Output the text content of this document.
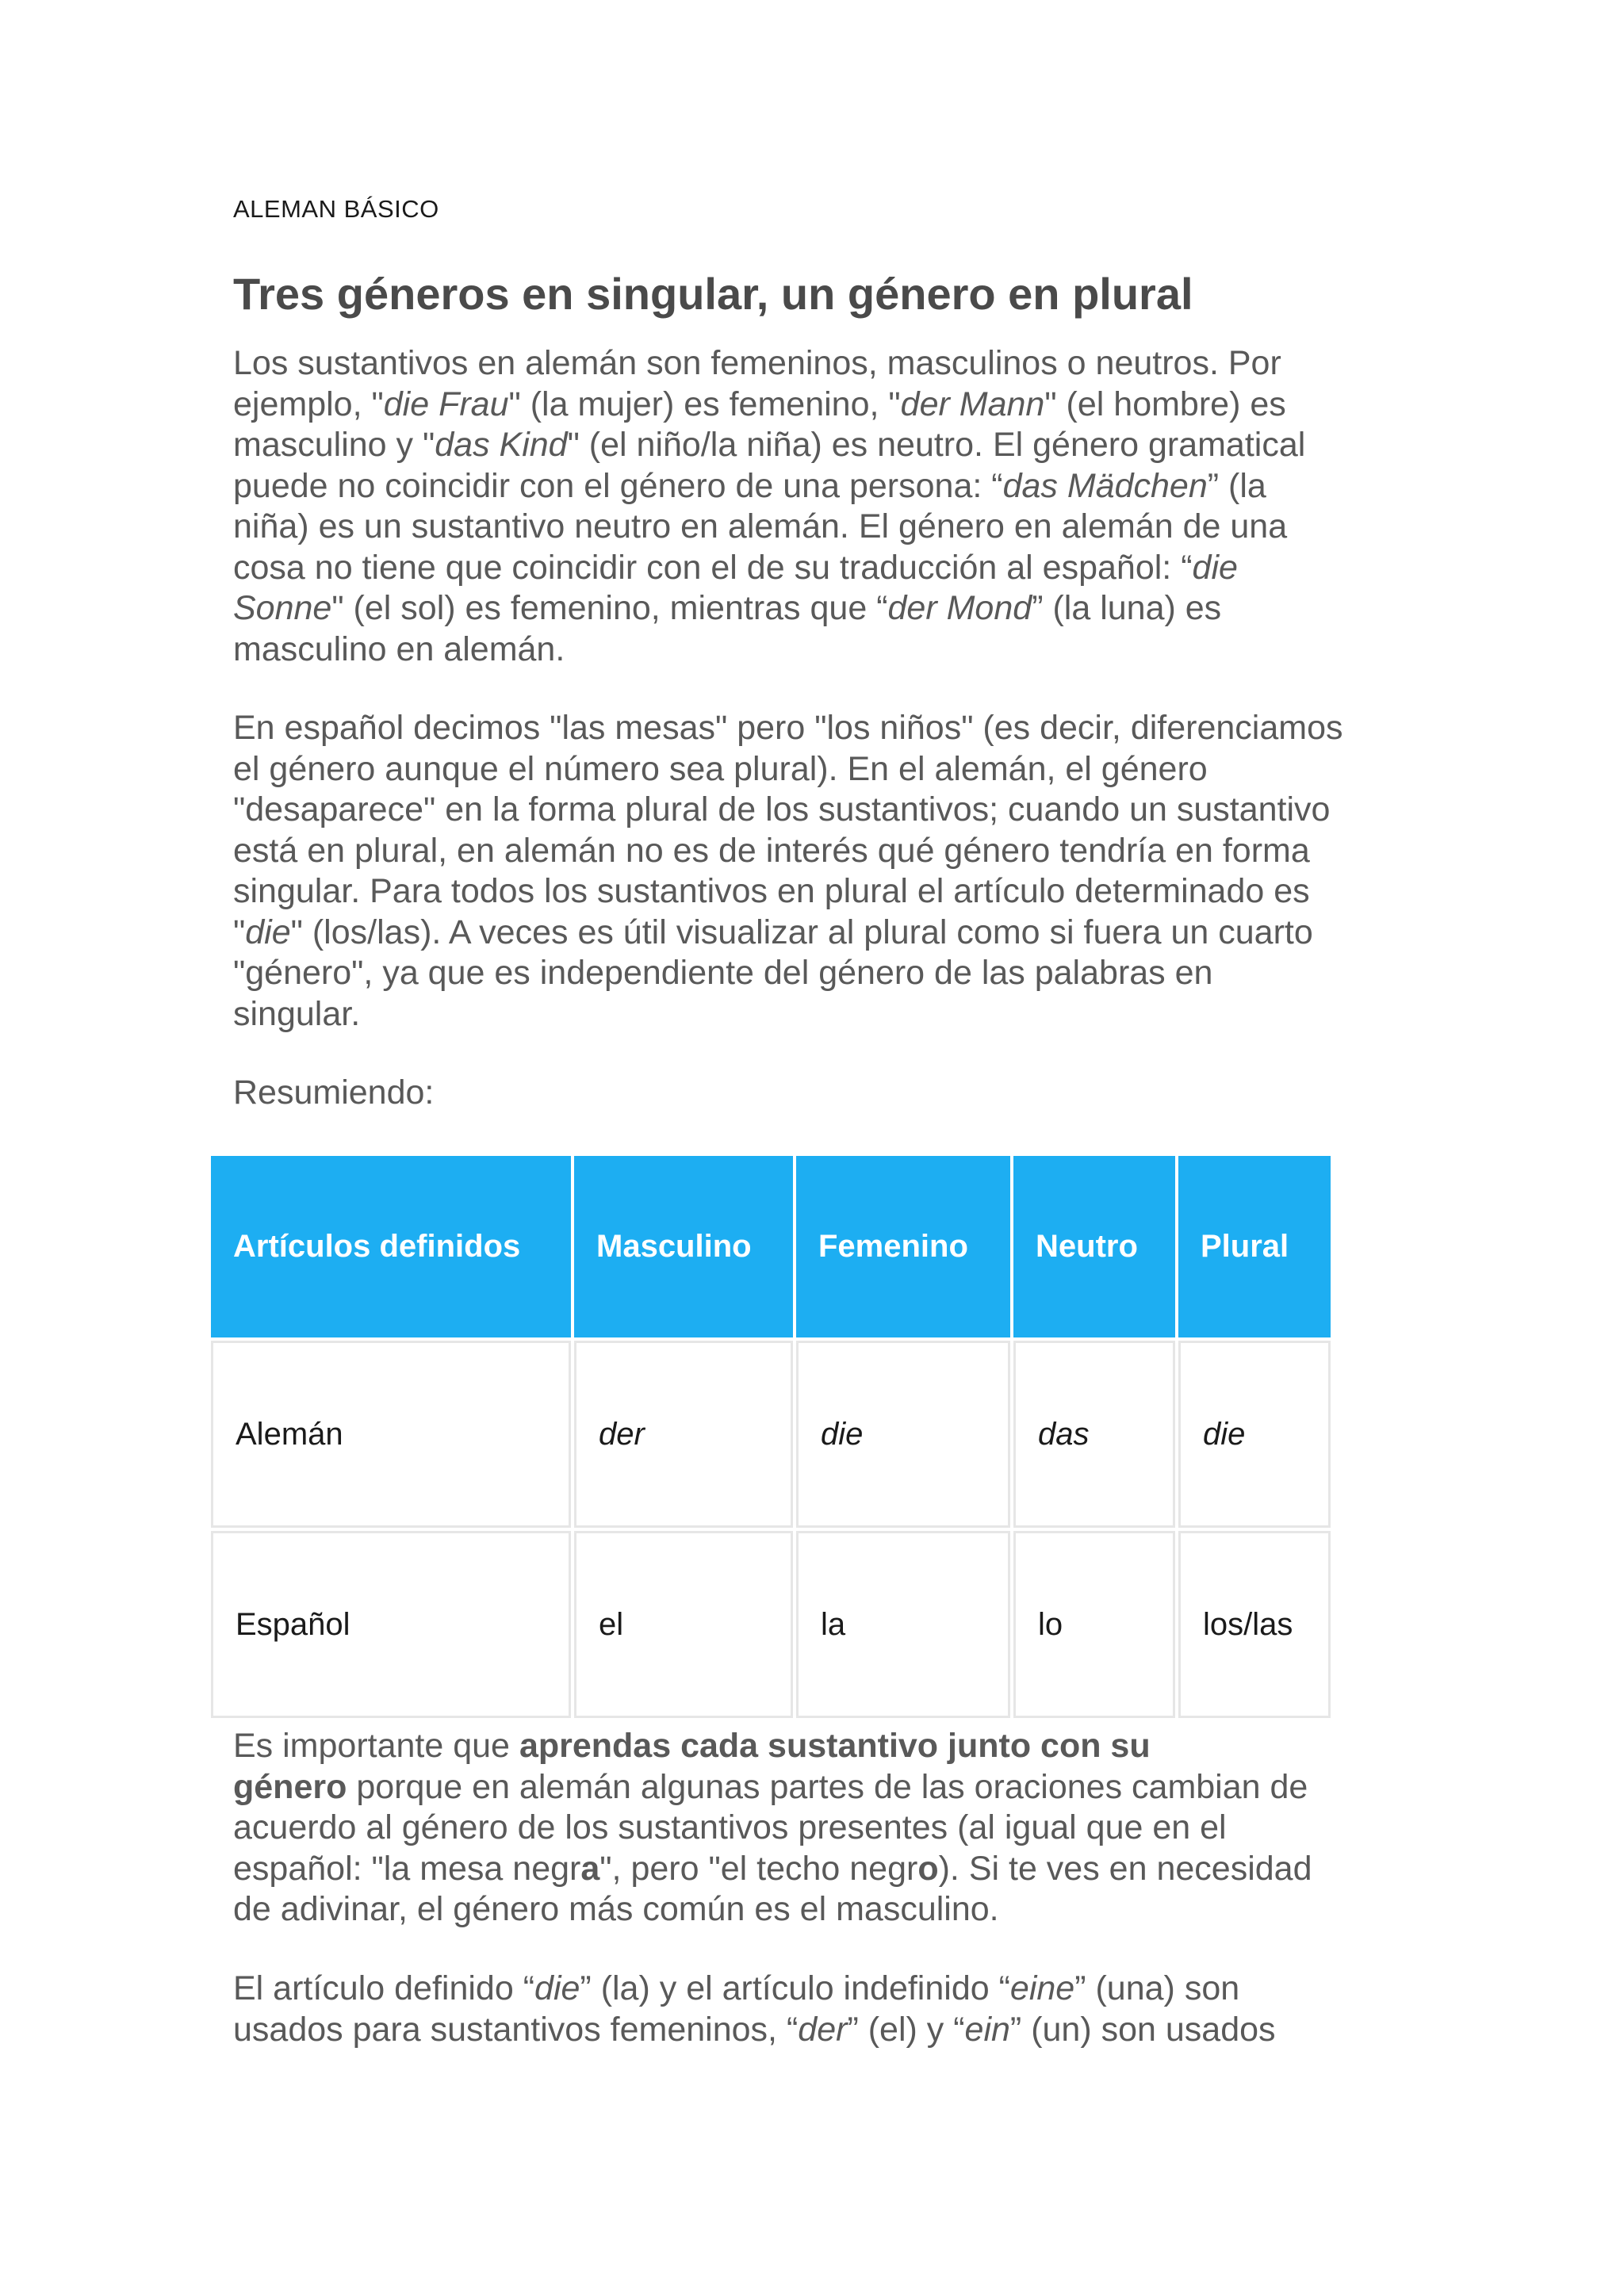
ALEMAN BÁSICO
Tres géneros en singular, un género en plural

Los sustantivos en alemán son femeninos, masculinos o neutros. Por
ejemplo, "die Frau" (la mujer) es femenino, "der Mann" (el hombre) es
masculino y "das Kind" (el niño/la niña) es neutro. El género gramatical
puede no coincidir con el género de una persona: “das Mädchen” (la
niña) es un sustantivo neutro en alemán. El género en alemán de una
cosa no tiene que coincidir con el de su traducción al español: “die
Sonne" (el sol) es femenino, mientras que “der Mond” (la luna) es
masculino en alemán.

En español decimos "las mesas" pero "los niños" (es decir, diferenciamos
el género aunque el número sea plural). En el alemán, el género
"desaparece" en la forma plural de los sustantivos; cuando un sustantivo
está en plural, en alemán no es de interés qué género tendría en forma
singular. Para todos los sustantivos en plural el artículo determinado es
"die" (los/las). A veces es útil visualizar al plural como si fuera un cuarto
"género", ya que es independiente del género de las palabras en
singular.

Resumiendo:

Artículos definidos	Masculino	Femenino	Neutro	Plural
Alemán	der	die	das	die
Español	el	la	lo	los/las

Es importante que aprendas cada sustantivo junto con su
género porque en alemán algunas partes de las oraciones cambian de
acuerdo al género de los sustantivos presentes (al igual que en el
español: "la mesa negra", pero "el techo negro). Si te ves en necesidad
de adivinar, el género más común es el masculino.

El artículo definido “die” (la) y el artículo indefinido “eine” (una) son
usados para sustantivos femeninos, “der” (el) y “ein” (un) son usados
